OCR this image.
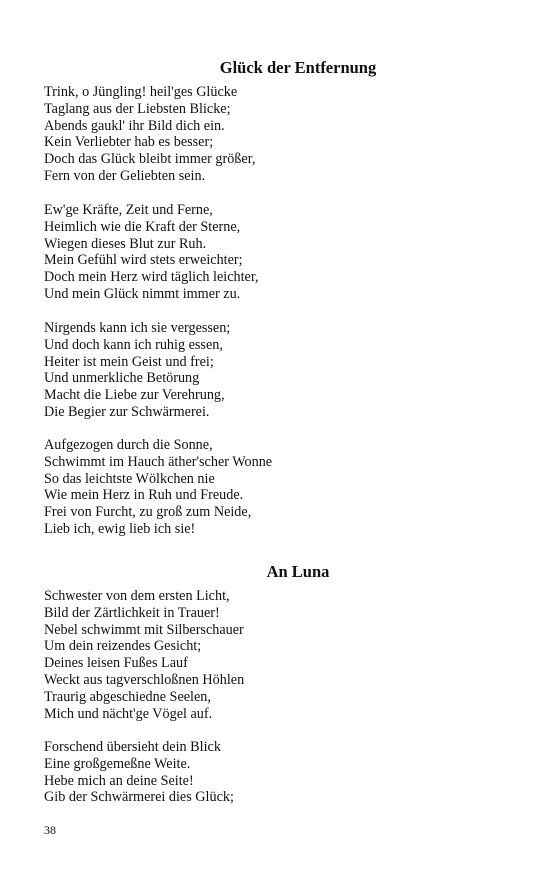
Glück der Entfernung

Trink, o Jüngling! heil'ges Glücke
Taglang aus der Liebsten Blicke;
Abends gaukl' ihr Bild dich ein.
Kein Verliebter hab es besser;
Doch das Glück bleibt immer größer,
Fern von der Geliebten sein.

Ew'ge Kräfte, Zeit und Ferne,
Heimlich wie die Kraft der Sterne,
Wiegen dieses Blut zur Ruh.
Mein Gefühl wird stets erweichter;
Doch mein Herz wird täglich leichter,
Und mein Glück nimmt immer zu.

Nirgends kann ich sie vergessen;
Und doch kann ich ruhig essen,
Heiter ist mein Geist und frei;
Und unmerkliche Betörung
Macht die Liebe zur Verehrung,
Die Begier zur Schwärmerei.

Aufgezogen durch die Sonne,
Schwimmt im Hauch äther'scher Wonne
So das leichtste Wölkchen nie
Wie mein Herz in Ruh und Freude.
Frei von Furcht, zu groß zum Neide,
Lieb ich, ewig lieb ich sie!

An Luna

Schwester von dem ersten Licht,
Bild der Zärtlichkeit in Trauer!
Nebel schwimmt mit Silberschauer
Um dein reizendes Gesicht;
Deines leisen Fußes Lauf
Weckt aus tagverschloßnen Höhlen
Traurig abgeschiedne Seelen,
Mich und nächt'ge Vögel auf.

Forschend übersieht dein Blick
Eine großgemeßne Weite.
Hebe mich an deine Seite!
Gib der Schwärmerei dies Glück;

38
